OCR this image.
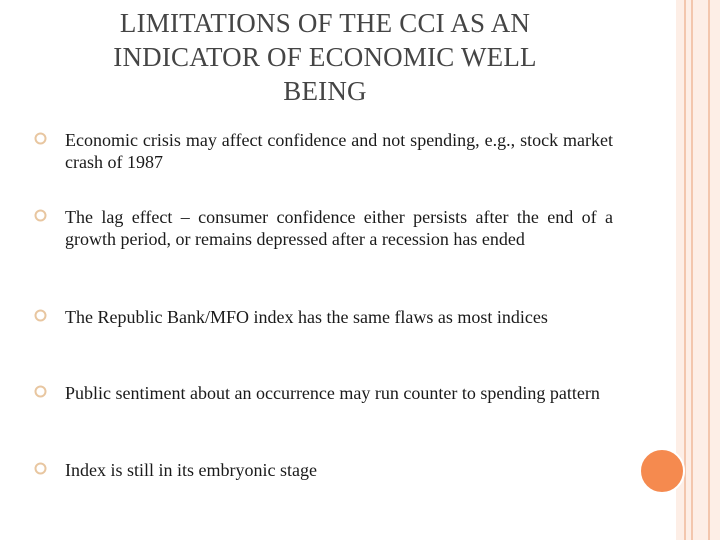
LIMITATIONS OF THE CCI AS AN
INDICATOR OF ECONOMIC WELL
BEING
Economic crisis may affect confidence and not spending, e.g., stock market crash of 1987
The lag effect – consumer confidence either persists after the end of a growth period, or remains depressed after a recession has ended
The Republic Bank/MFO index has the same flaws as most indices
Public sentiment about an occurrence may run counter to spending pattern
Index is still in its embryonic stage
